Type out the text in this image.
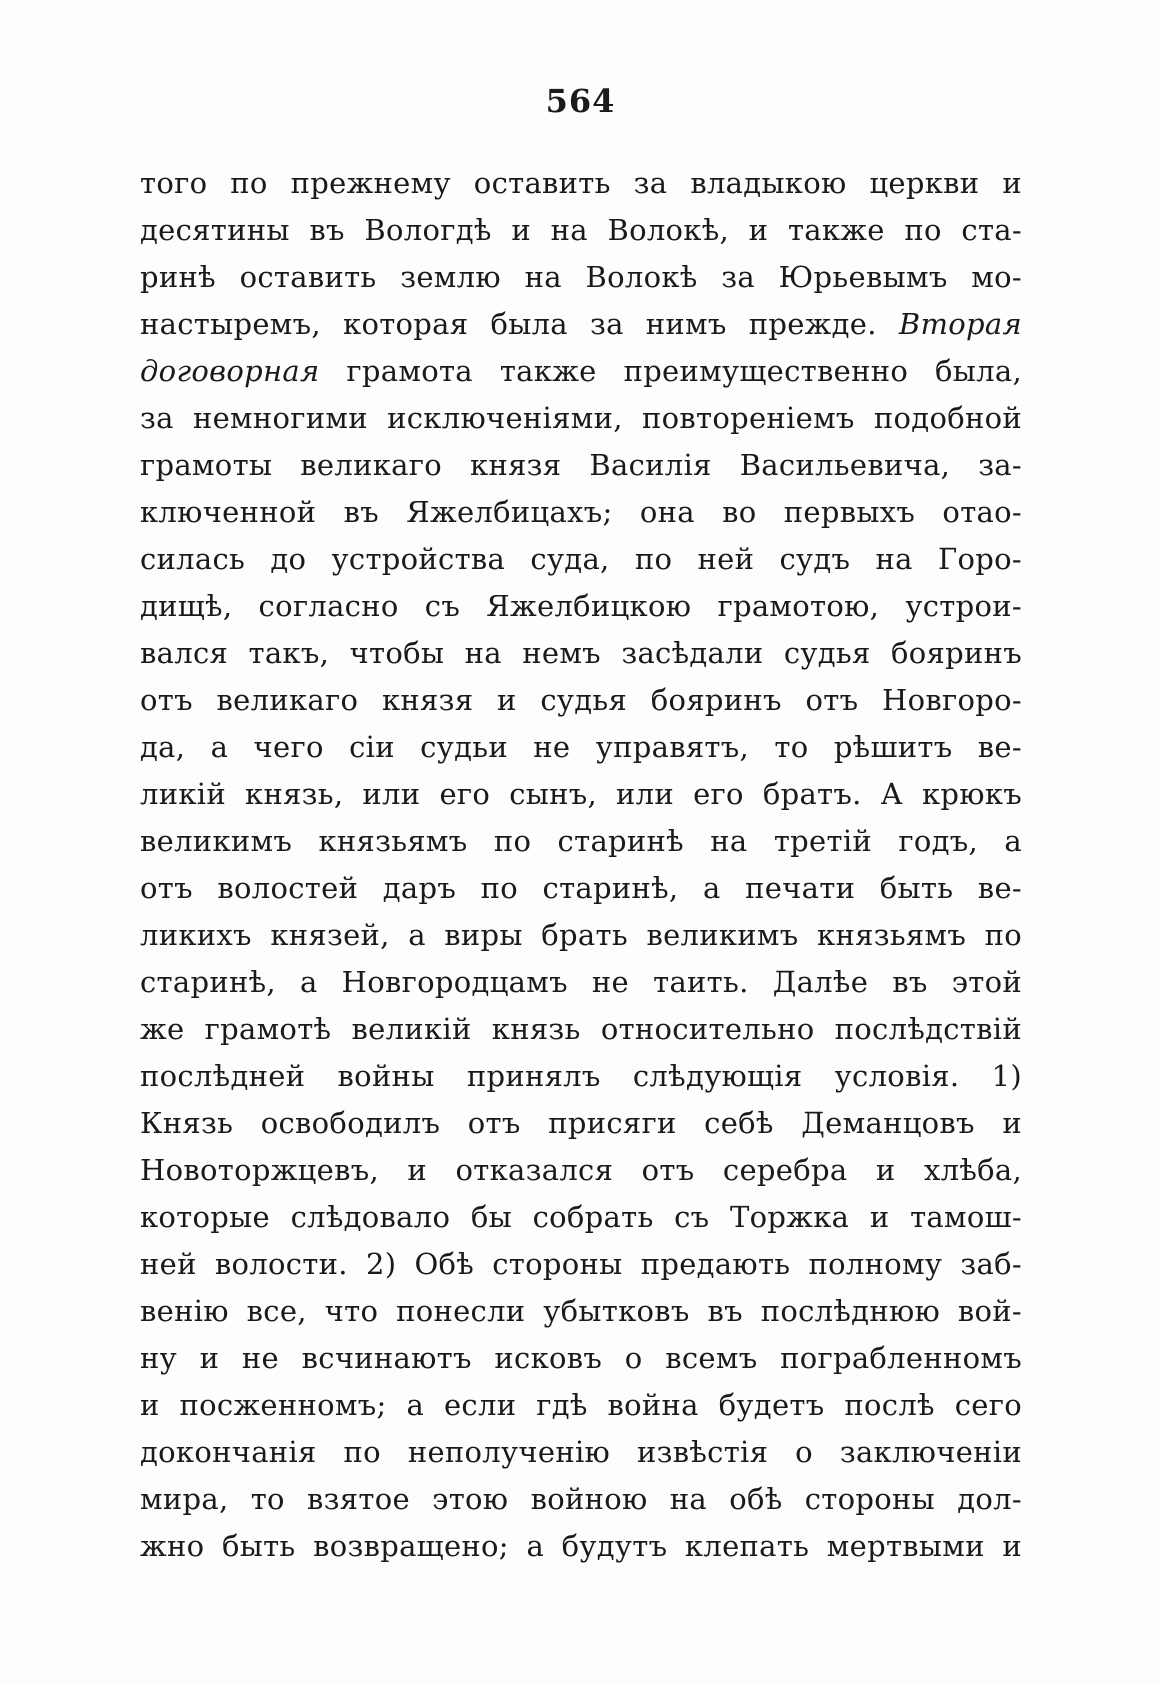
564
того по прежнему оставить за владыкою церкви и
десятины въ Вологдѣ и на Волокѣ, и также по ста-
ринѣ оставить землю на Волокѣ за Юрьевымъ мо-
настыремъ, которая была за нимъ прежде. Вторая
договорная грамота также преимущественно была,
за немногими исключеніями, повтореніемъ подобной
грамоты великаго князя Василія Васильевича, за-
ключенной въ Яжелбицахъ; она во первыхъ отао-
силась до устройства суда, по ней судъ на Горо-
дищѣ, согласно съ Яжелбицкою грамотою, устрои-
вался такъ, чтобы на немъ засѣдали судья бояринъ
отъ великаго князя и судья бояринъ отъ Новгоро-
да, а чего сіи судьи не управятъ, то рѣшитъ ве-
ликій князь, или его сынъ, или его братъ. А крюкъ
великимъ князьямъ по старинѣ на третій годъ, а
отъ волостей даръ по старинѣ, а печати быть ве-
ликихъ князей, а виры брать великимъ князьямъ по
старинѣ, а Новгородцамъ не таить. Далѣе въ этой
же грамотѣ великій князь относительно послѣдствій
послѣдней войны принялъ слѣдующія условія. 1)
Князь освободилъ отъ присяги себѣ Деманцовъ и
Новоторжцевъ, и отказался отъ серебра и хлѣба,
которые слѣдовало бы собрать съ Торжка и тамош-
ней волости. 2) Обѣ стороны предають полному заб-
венію все, что понесли убытковъ въ послѣднюю вой-
ну и не всчинаютъ исковъ о всемъ пограбленномъ
и посженномъ; а если гдѣ война будетъ послѣ сего
докончанія по неполученію извѣстія о заключеніи
мира, то взятое этою войною на обѣ стороны дол-
жно быть возвращено; а будутъ клепать мертвыми и
